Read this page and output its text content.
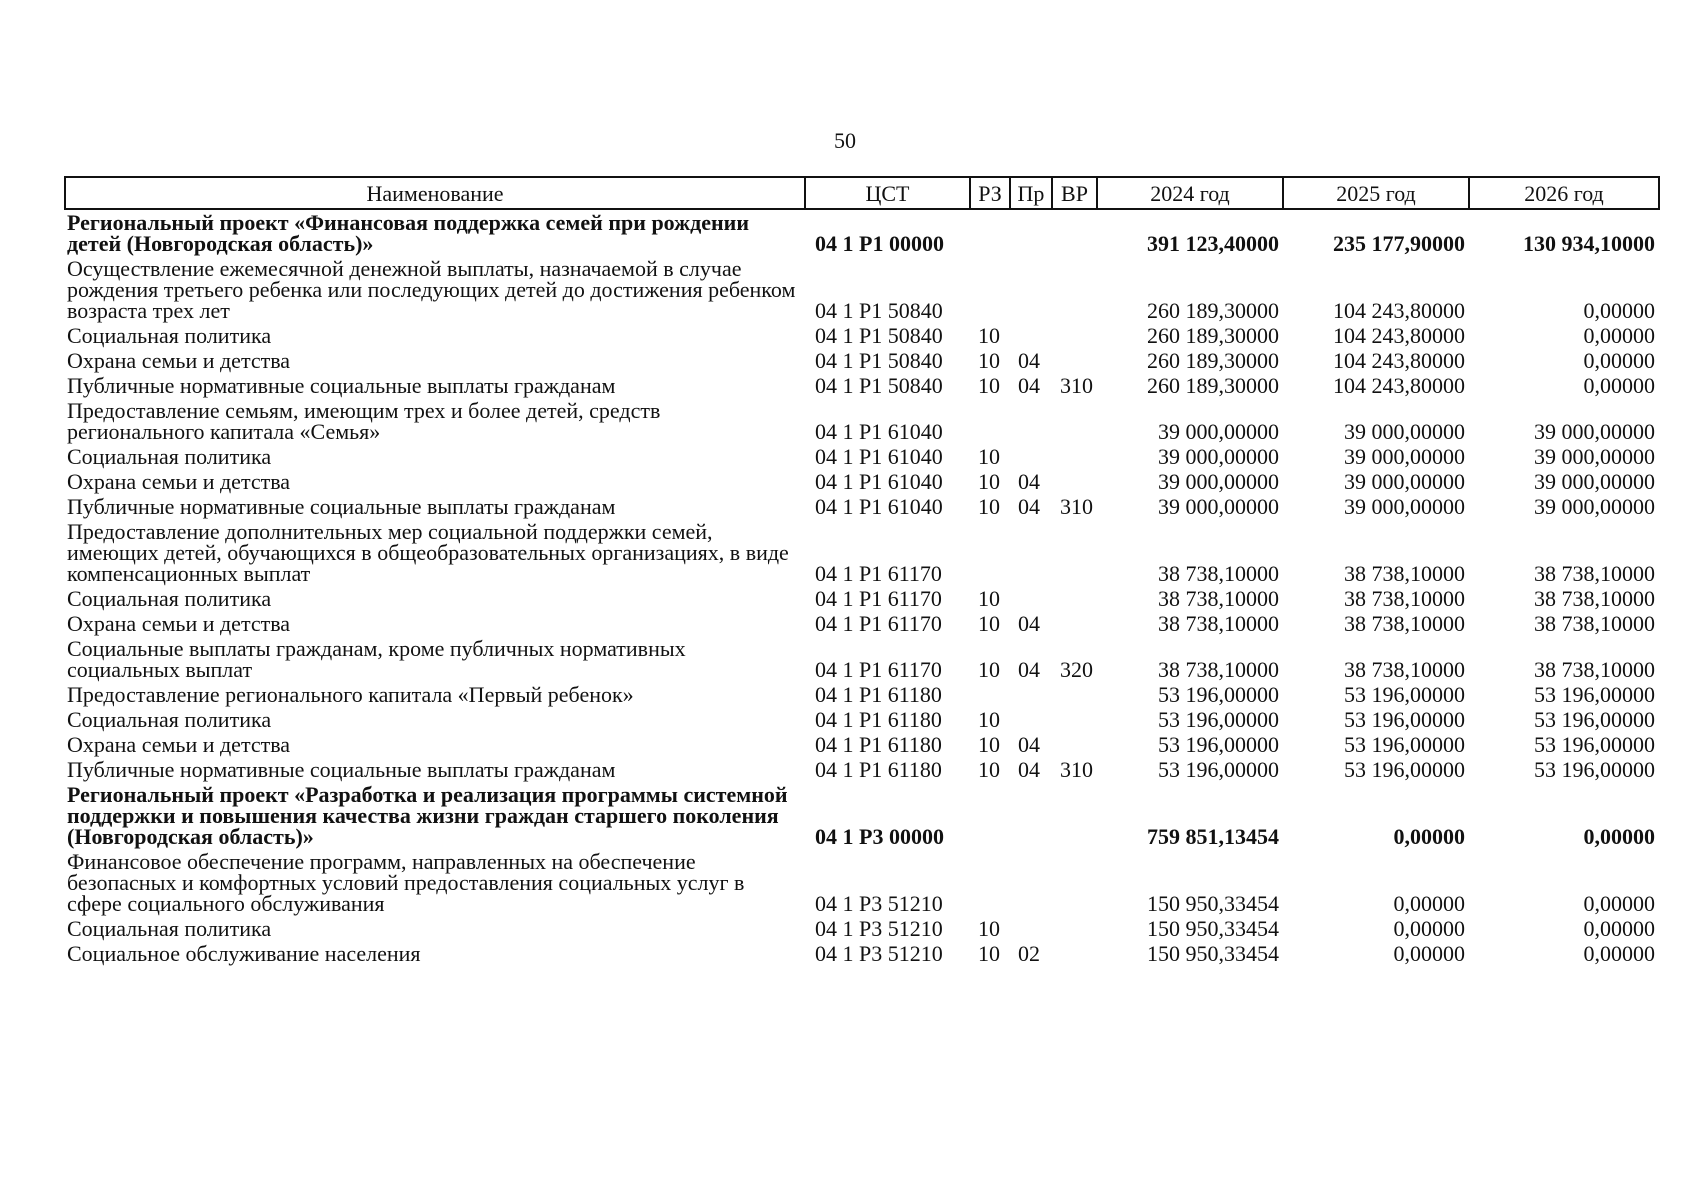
50
Наименование	ЦСТ	РЗ	Пр	ВР	2024 год	2025 год	2026 год
Региональный проект «Финансовая поддержка семей при рождении детей (Новгородская область)»	04 1 Р1 00000				391 123,40000	235 177,90000	130 934,10000
Осуществление ежемесячной денежной выплаты, назначаемой в случае рождения третьего ребенка или последующих детей до достижения ребенком возраста трех лет	04 1 Р1 50840				260 189,30000	104 243,80000	0,00000
Социальная политика	04 1 Р1 50840	10			260 189,30000	104 243,80000	0,00000
Охрана семьи и детства	04 1 Р1 50840	10	04		260 189,30000	104 243,80000	0,00000
Публичные нормативные социальные выплаты гражданам	04 1 Р1 50840	10	04	310	260 189,30000	104 243,80000	0,00000
Предоставление семьям, имеющим трех и более детей, средств регионального капитала «Семья»	04 1 Р1 61040				39 000,00000	39 000,00000	39 000,00000
Социальная политика	04 1 Р1 61040	10			39 000,00000	39 000,00000	39 000,00000
Охрана семьи и детства	04 1 Р1 61040	10	04		39 000,00000	39 000,00000	39 000,00000
Публичные нормативные социальные выплаты гражданам	04 1 Р1 61040	10	04	310	39 000,00000	39 000,00000	39 000,00000
Предоставление дополнительных мер социальной поддержки семей, имеющих детей, обучающихся в общеобразовательных организациях, в виде компенсационных выплат	04 1 Р1 61170				38 738,10000	38 738,10000	38 738,10000
Социальная политика	04 1 Р1 61170	10			38 738,10000	38 738,10000	38 738,10000
Охрана семьи и детства	04 1 Р1 61170	10	04		38 738,10000	38 738,10000	38 738,10000
Социальные выплаты гражданам, кроме публичных нормативных социальных выплат	04 1 Р1 61170	10	04	320	38 738,10000	38 738,10000	38 738,10000
Предоставление регионального капитала «Первый ребенок»	04 1 Р1 61180				53 196,00000	53 196,00000	53 196,00000
Социальная политика	04 1 Р1 61180	10			53 196,00000	53 196,00000	53 196,00000
Охрана семьи и детства	04 1 Р1 61180	10	04		53 196,00000	53 196,00000	53 196,00000
Публичные нормативные социальные выплаты гражданам	04 1 Р1 61180	10	04	310	53 196,00000	53 196,00000	53 196,00000
Региональный проект «Разработка и реализация программы системной поддержки и повышения качества жизни граждан старшего поколения (Новгородская область)»	04 1 Р3 00000				759 851,13454	0,00000	0,00000
Финансовое обеспечение программ, направленных на обеспечение безопасных и комфортных условий предоставления социальных услуг в сфере социального обслуживания	04 1 Р3 51210				150 950,33454	0,00000	0,00000
Социальная политика	04 1 Р3 51210	10			150 950,33454	0,00000	0,00000
Социальное обслуживание населения	04 1 Р3 51210	10	02		150 950,33454	0,00000	0,00000
